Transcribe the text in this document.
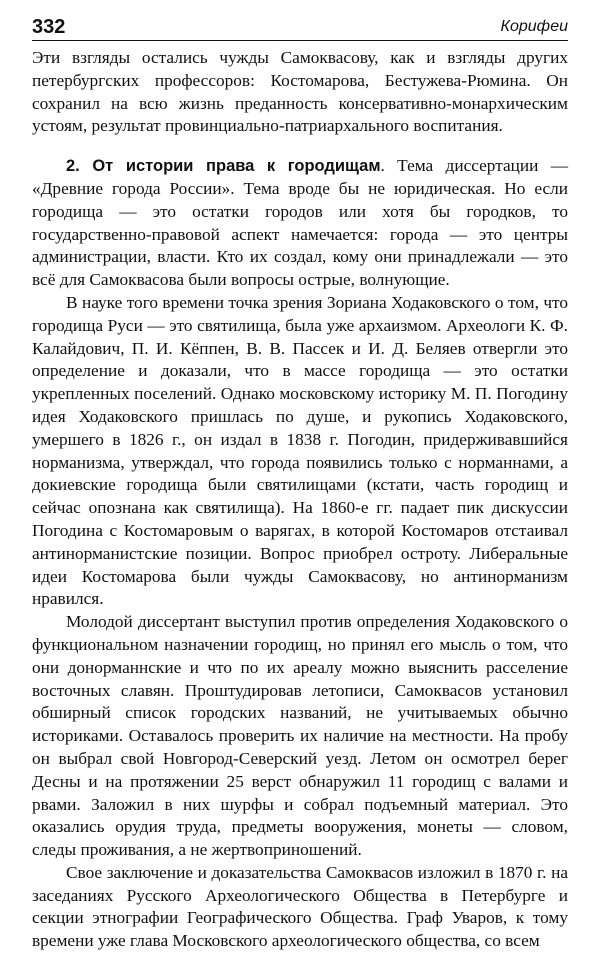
332	Корифеи

Эти взгляды остались чужды Самоквасову, как и взгляды других петербургских профессоров: Костомарова, Бестужева-Рюмина. Он сохранил на всю жизнь преданность консервативно-монархическим устоям, результат провинциально-патриархального воспитания.

2. От истории права к городищам. Тема диссертации — «Древние города России». Тема вроде бы не юридическая. Но если городища — это остатки городов или хотя бы городков, то государственно-правовой аспект намечается: города — это центры администрации, власти. Кто их создал, кому они принадлежали — это всё для Самоквасова были вопросы острые, волнующие.

В науке того времени точка зрения Зориана Ходаковского о том, что городища Руси — это святилища, была уже архаизмом. Археологи К. Ф. Калайдович, П. И. Кёппен, В. В. Пассек и И. Д. Беляев отвергли это определение и доказали, что в массе городища — это остатки укрепленных поселений. Однако московскому историку М. П. Погодину идея Ходаковского пришлась по душе, и рукопись Ходаковского, умершего в 1826 г., он издал в 1838 г. Погодин, придерживавшийся норманизма, утверждал, что города появились только с норманнами, а докиевские городища были святилищами (кстати, часть городищ и сейчас опознана как святилища). На 1860-е гг. падает пик дискуссии Погодина с Костомаровым о варягах, в которой Костомаров отстаивал антинорманистские позиции. Вопрос приобрел остроту. Либеральные идеи Костомарова были чужды Самоквасову, но антинорманизм нравился.

Молодой диссертант выступил против определения Ходаковского о функциональном назначении городищ, но принял его мысль о том, что они донорманнские и что по их ареалу можно выяснить расселение восточных славян. Проштудировав летописи, Самоквасов установил обширный список городских названий, не учитываемых обычно историками. Оставалось проверить их наличие на местности. На пробу он выбрал свой Новгород-Северский уезд. Летом он осмотрел берег Десны и на протяжении 25 верст обнаружил 11 городищ с валами и рвами. Заложил в них шурфы и собрал подъемный материал. Это оказались орудия труда, предметы вооружения, монеты — словом, следы проживания, а не жертвоприношений.

Свое заключение и доказательства Самоквасов изложил в 1870 г. на заседаниях Русского Археологического Общества в Петербурге и секции этнографии Географического Общества. Граф Уваров, к тому времени уже глава Московского археологического общества, со всем
